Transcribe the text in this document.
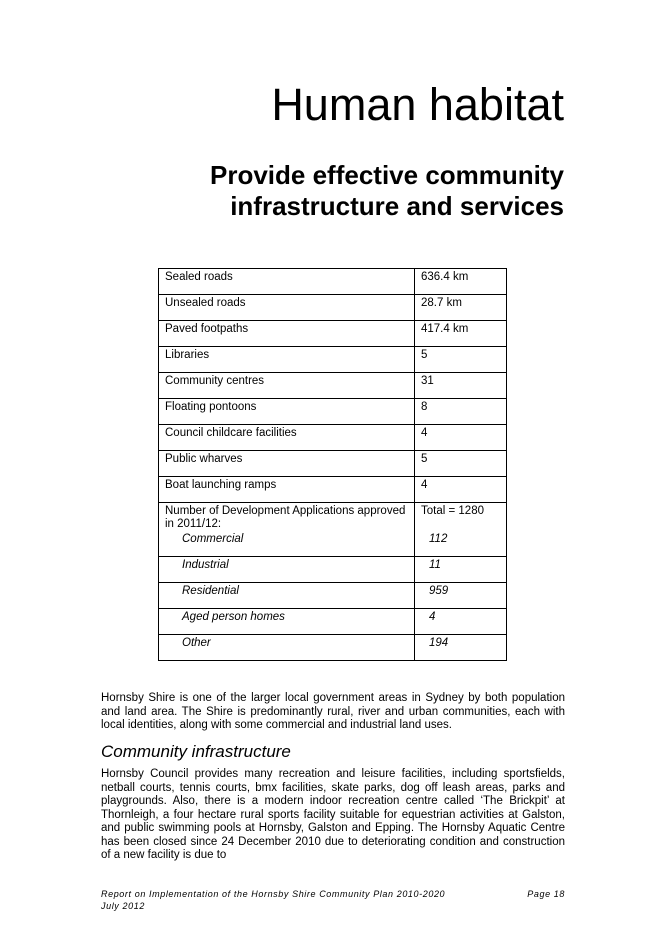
Human habitat
Provide effective community infrastructure and services
Sealed roads	636.4 km
Unsealed roads	28.7 km
Paved footpaths	417.4 km
Libraries	5
Community centres	31
Floating pontoons	8
Council childcare facilities	4
Public wharves	5
Boat launching ramps	4
Number of Development Applications approved in 2011/12:	Total = 1280
Commercial	112
Industrial	11
Residential	959
Aged person homes	4
Other	194

Hornsby Shire is one of the larger local government areas in Sydney by both population and land area. The Shire is predominantly rural, river and urban communities, each with local identities, along with some commercial and industrial land uses.

Community infrastructure

Hornsby Council provides many recreation and leisure facilities, including sportsfields, netball courts, tennis courts, bmx facilities, skate parks, dog off leash areas, parks and playgrounds. Also, there is a modern indoor recreation centre called ‘The Brickpit’ at Thornleigh, a four hectare rural sports facility suitable for equestrian activities at Galston, and public swimming pools at Hornsby, Galston and Epping. The Hornsby Aquatic Centre has been closed since 24 December 2010 due to deteriorating condition and construction of a new facility is due to

Report on Implementation of the Hornsby Shire Community Plan 2010-2020
July 2012
Page 18
